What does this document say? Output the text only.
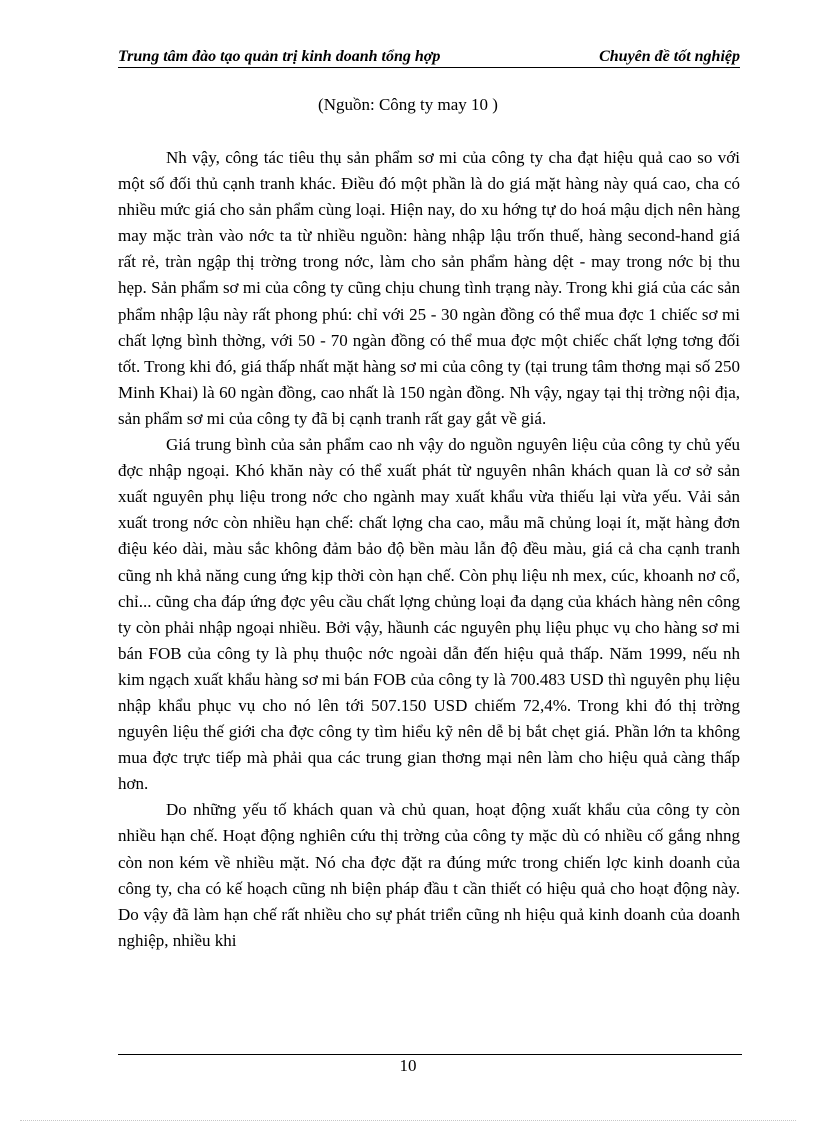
Trung tâm đào tạo quản trị kinh doanh tổng hợp	Chuyên đề tốt nghiệp
(Nguồn: Công ty may 10 )

Nh vậy, công tác tiêu thụ sản phẩm sơ mi của công ty cha đạt hiệu quả cao so với một số đối thủ cạnh tranh khác. Điều đó một phần là do giá mặt hàng này quá cao, cha có nhiều mức giá cho sản phẩm cùng loại. Hiện nay, do xu hớng tự do hoá mậu dịch nên hàng may mặc tràn vào nớc ta từ nhiều nguồn: hàng nhập lậu trốn thuế, hàng second-hand giá rất rẻ, tràn ngập thị trờng trong nớc, làm cho sản phẩm hàng dệt - may trong nớc bị thu hẹp. Sản phẩm sơ mi của công ty cũng chịu chung tình trạng này. Trong khi giá của các sản phẩm nhập lậu này rất phong phú: chỉ với 25 - 30 ngàn đồng có thể mua đợc 1 chiếc sơ mi chất lợng bình thờng, với 50 - 70 ngàn đồng có thể mua đợc một chiếc chất lợng tơng đối tốt. Trong khi đó, giá thấp nhất mặt hàng sơ mi của công ty (tại trung tâm thơng mại số 250 Minh Khai) là 60 ngàn đồng, cao nhất là 150 ngàn đồng. Nh vậy, ngay tại thị trờng nội địa, sản phẩm sơ mi của công ty đã bị cạnh tranh rất gay gắt về giá.

Giá trung bình của sản phẩm cao nh vậy do nguồn nguyên liệu của công ty chủ yếu đợc nhập ngoại. Khó khăn này có thể xuất phát từ nguyên nhân khách quan là cơ sở sản xuất nguyên phụ liệu trong nớc cho ngành may xuất khẩu vừa thiếu lại vừa yếu. Vải sản xuất trong nớc còn nhiều hạn chế: chất lợng cha cao, mẫu mã chủng loại ít, mặt hàng đơn điệu kéo dài, màu sắc không đảm bảo độ bền màu lẫn độ đều màu, giá cả cha cạnh tranh cũng nh khả năng cung ứng kịp thời còn hạn chế. Còn phụ liệu nh mex, cúc, khoanh nơ cổ, chỉ... cũng cha đáp ứng đợc yêu cầu chất lợng chủng loại đa dạng của khách hàng nên công ty còn phải nhập ngoại nhiều. Bởi vậy, hầunh các nguyên phụ liệu phục vụ cho hàng sơ mi bán FOB của công ty là phụ thuộc nớc ngoài dẫn đến hiệu quả thấp. Năm 1999, nếu nh kim ngạch xuất khẩu hàng sơ mi bán FOB của công ty là 700.483 USD thì nguyên phụ liệu nhập khẩu phục vụ cho nó lên tới 507.150 USD chiếm 72,4%. Trong khi đó thị trờng nguyên liệu thế giới cha đợc công ty tìm hiểu kỹ nên dễ bị bắt chẹt giá. Phần lớn ta không mua đợc trực tiếp mà phải qua các trung gian thơng mại nên làm cho hiệu quả càng thấp hơn.

Do những yếu tố khách quan và chủ quan, hoạt động xuất khẩu của công ty còn nhiều hạn chế. Hoạt động nghiên cứu thị trờng của công ty mặc dù có nhiều cố gắng nhng còn non kém về nhiều mặt. Nó cha đợc đặt ra đúng mức trong chiến lợc kinh doanh của công ty, cha có kế hoạch cũng nh biện pháp đầu t cần thiết có hiệu quả cho hoạt động này. Do vậy đã làm hạn chế rất nhiều cho sự phát triển cũng nh hiệu quả kinh doanh của doanh nghiệp, nhiều khi

10
